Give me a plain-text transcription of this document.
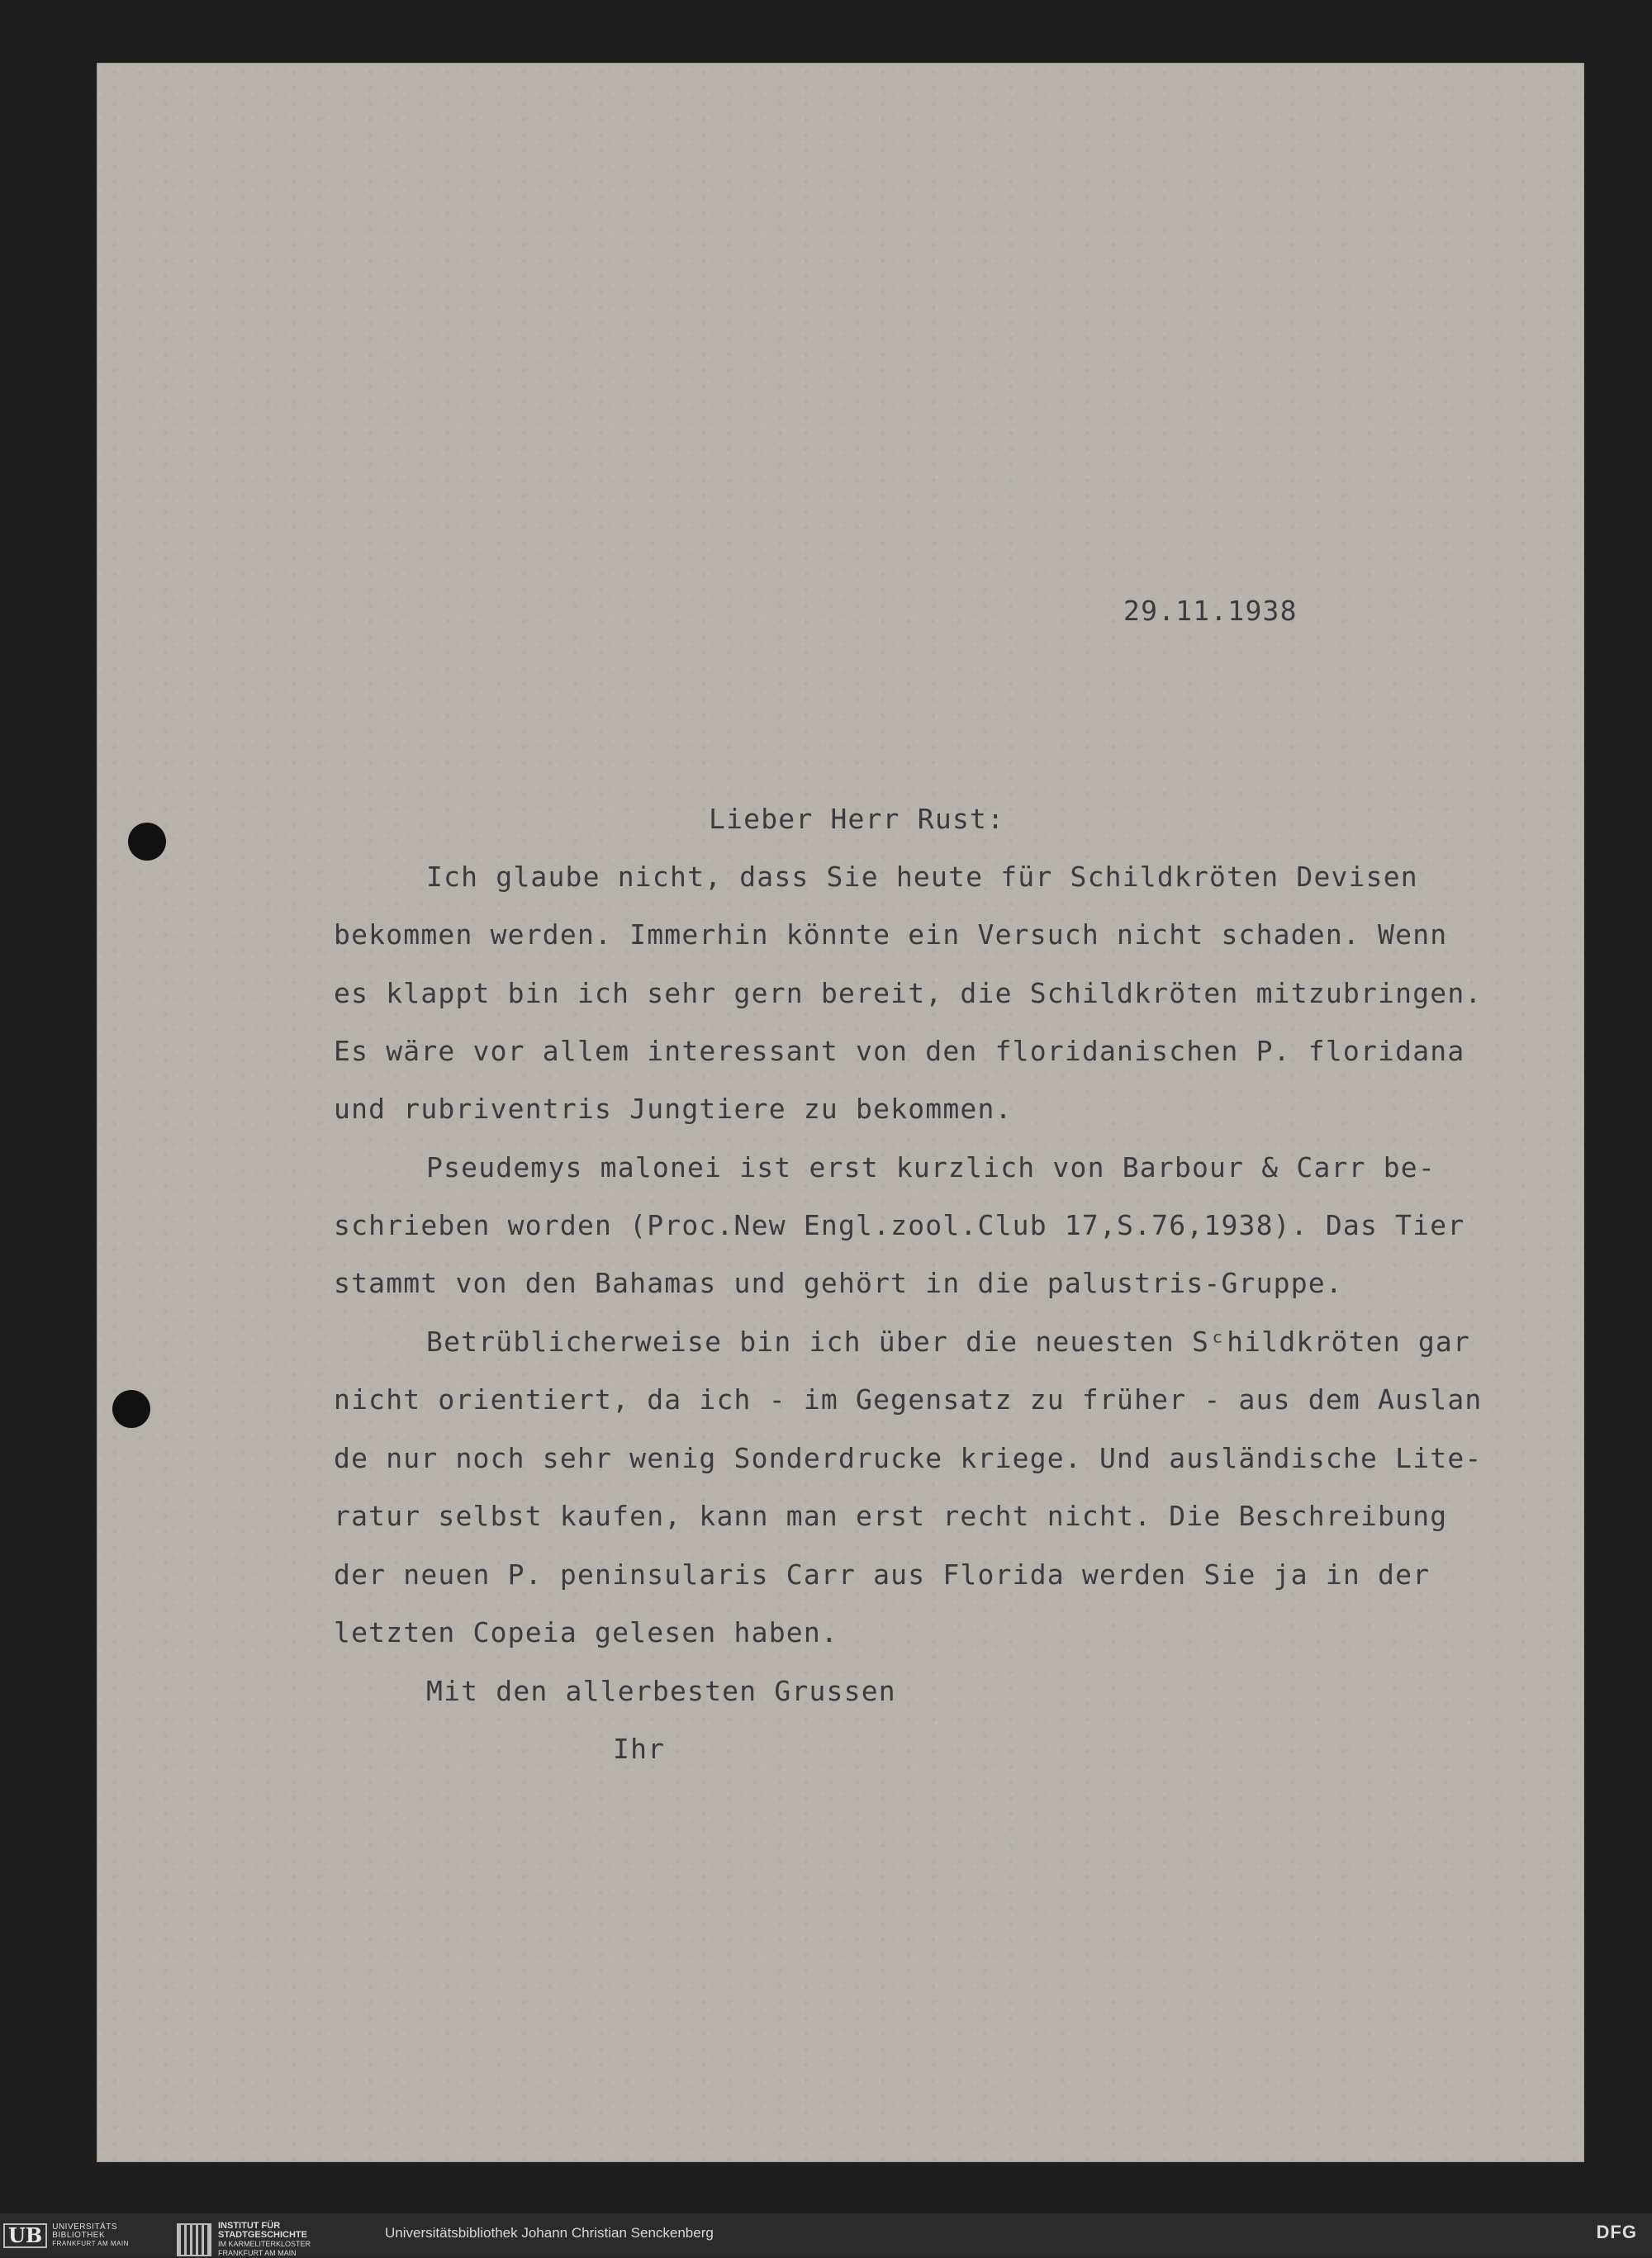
29.11.1938
Lieber Herr Rust:
Ich glaube nicht, dass Sie heute für Schildkröten Devisen
bekommen werden. Immerhin könnte ein Versuch nicht schaden. Wenn
es klappt bin ich sehr gern bereit, die Schildkröten mitzubringen.
Es wäre vor allem interessant von den floridanischen P. floridana
und rubriventris Jungtiere zu bekommen.
Pseudemys malonei ist erst kurzlich von Barbour & Carr be-
schrieben worden (Proc.New Engl.zool.Club 17,S.76,1938). Das Tier
stammt von den Bahamas und gehört in die palustris-Gruppe.
Betrüblicherweise bin ich über die neuesten Sᶜhildkröten gar
nicht orientiert, da ich - im Gegensatz zu früher - aus dem Auslan
de nur noch sehr wenig Sonderdrucke kriege. Und ausländische Lite-
ratur selbst kaufen, kann man erst recht nicht. Die Beschreibung
der neuen P. peninsularis Carr aus Florida werden Sie ja in der
letzten Copeia gelesen haben.
Mit den allerbesten Grussen
Ihr
UB	UNIVERSITÄTS
BIBLIOTHEK
FRANKFURT AM MAIN
INSTITUT FÜR
STADTGESCHICHTE
IM KARMELITERKLOSTER
FRANKFURT AM MAIN
Universitätsbibliothek Johann Christian Senckenberg	DFG
